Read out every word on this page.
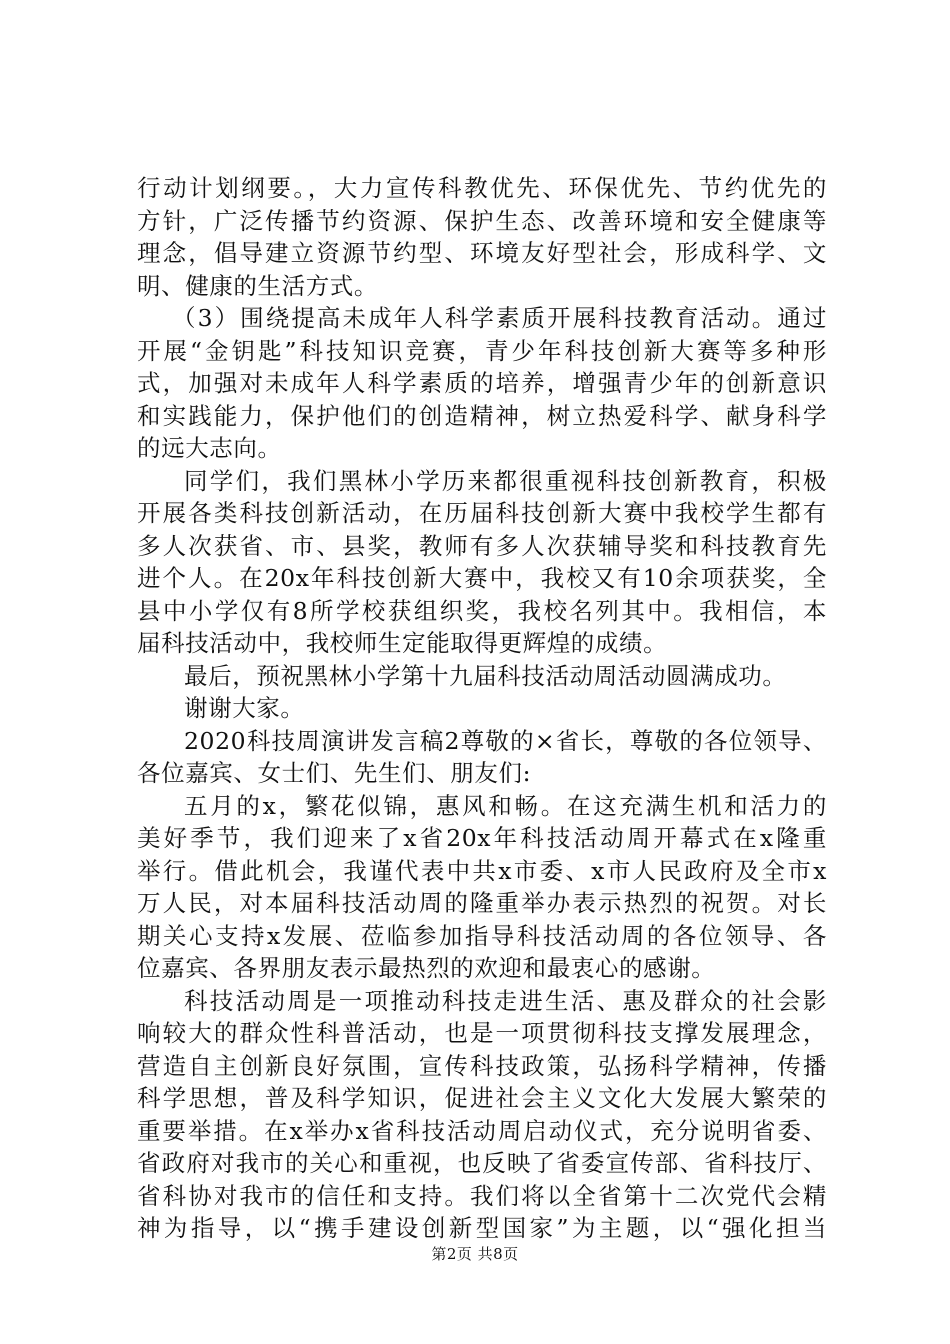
行动计划纲要。，大力宣传科教优先、环保优先、节约优先的
方针，广泛传播节约资源、保护生态、改善环境和安全健康等
理念，倡导建立资源节约型、环境友好型社会，形成科学、文
明、健康的生活方式。
（3）围绕提高未成年人科学素质开展科技教育活动。通过
开展“金钥匙”科技知识竞赛，青少年科技创新大赛等多种形
式，加强对未成年人科学素质的培养，增强青少年的创新意识
和实践能力，保护他们的创造精神，树立热爱科学、献身科学
的远大志向。
同学们，我们黑林小学历来都很重视科技创新教育，积极
开展各类科技创新活动，在历届科技创新大赛中我校学生都有
多人次获省、市、县奖，教师有多人次获辅导奖和科技教育先
进个人。在20x年科技创新大赛中，我校又有10余项获奖，全
县中小学仅有8所学校获组织奖，我校名列其中。我相信，本
届科技活动中，我校师生定能取得更辉煌的成绩。
最后，预祝黑林小学第十九届科技活动周活动圆满成功。
谢谢大家。
2020科技周演讲发言稿2尊敬的×省长，尊敬的各位领导、
各位嘉宾、女士们、先生们、朋友们:
五月的x，繁花似锦，惠风和畅。在这充满生机和活力的
美好季节，我们迎来了x省20x年科技活动周开幕式在x隆重
举行。借此机会，我谨代表中共x市委、x市人民政府及全市x
万人民，对本届科技活动周的隆重举办表示热烈的祝贺。对长
期关心支持x发展、莅临参加指导科技活动周的各位领导、各
位嘉宾、各界朋友表示最热烈的欢迎和最衷心的感谢。
科技活动周是一项推动科技走进生活、惠及群众的社会影
响较大的群众性科普活动，也是一项贯彻科技支撑发展理念，
营造自主创新良好氛围，宣传科技政策，弘扬科学精神，传播
科学思想，普及科学知识，促进社会主义文化大发展大繁荣的
重要举措。在x举办x省科技活动周启动仪式，充分说明省委、
省政府对我市的关心和重视，也反映了省委宣传部、省科技厅、
省科协对我市的信任和支持。我们将以全省第十二次党代会精
神为指导，以“携手建设创新型国家”为主题，以“强化担当
第2页 共8页
